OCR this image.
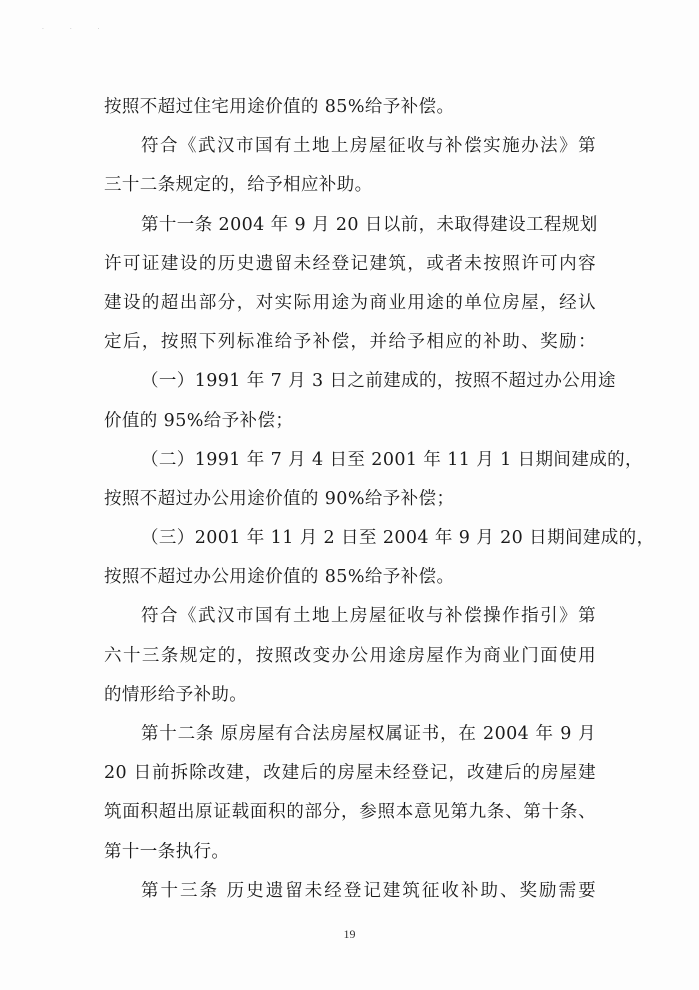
· · ·
按照不超过住宅用途价值的 85%给予补偿。
符合《武汉市国有土地上房屋征收与补偿实施办法》第
三十二条规定的，给予相应补助。
第十一条 2004 年 9 月 20 日以前，未取得建设工程规划
许可证建设的历史遗留未经登记建筑，或者未按照许可内容
建设的超出部分，对实际用途为商业用途的单位房屋，经认
定后，按照下列标准给予补偿，并给予相应的补助、奖励：
（一）1991 年 7 月 3 日之前建成的，按照不超过办公用途
价值的 95%给予补偿；
（二）1991 年 7 月 4 日至 2001 年 11 月 1 日期间建成的，
按照不超过办公用途价值的 90%给予补偿；
（三）2001 年 11 月 2 日至 2004 年 9 月 20 日期间建成的，
按照不超过办公用途价值的 85%给予补偿。
符合《武汉市国有土地上房屋征收与补偿操作指引》第
六十三条规定的，按照改变办公用途房屋作为商业门面使用
的情形给予补助。
第十二条 原房屋有合法房屋权属证书，在 2004 年 9 月
20 日前拆除改建，改建后的房屋未经登记，改建后的房屋建
筑面积超出原证载面积的部分，参照本意见第九条、第十条、
第十一条执行。
第十三条 历史遗留未经登记建筑征收补助、奖励需要
19
